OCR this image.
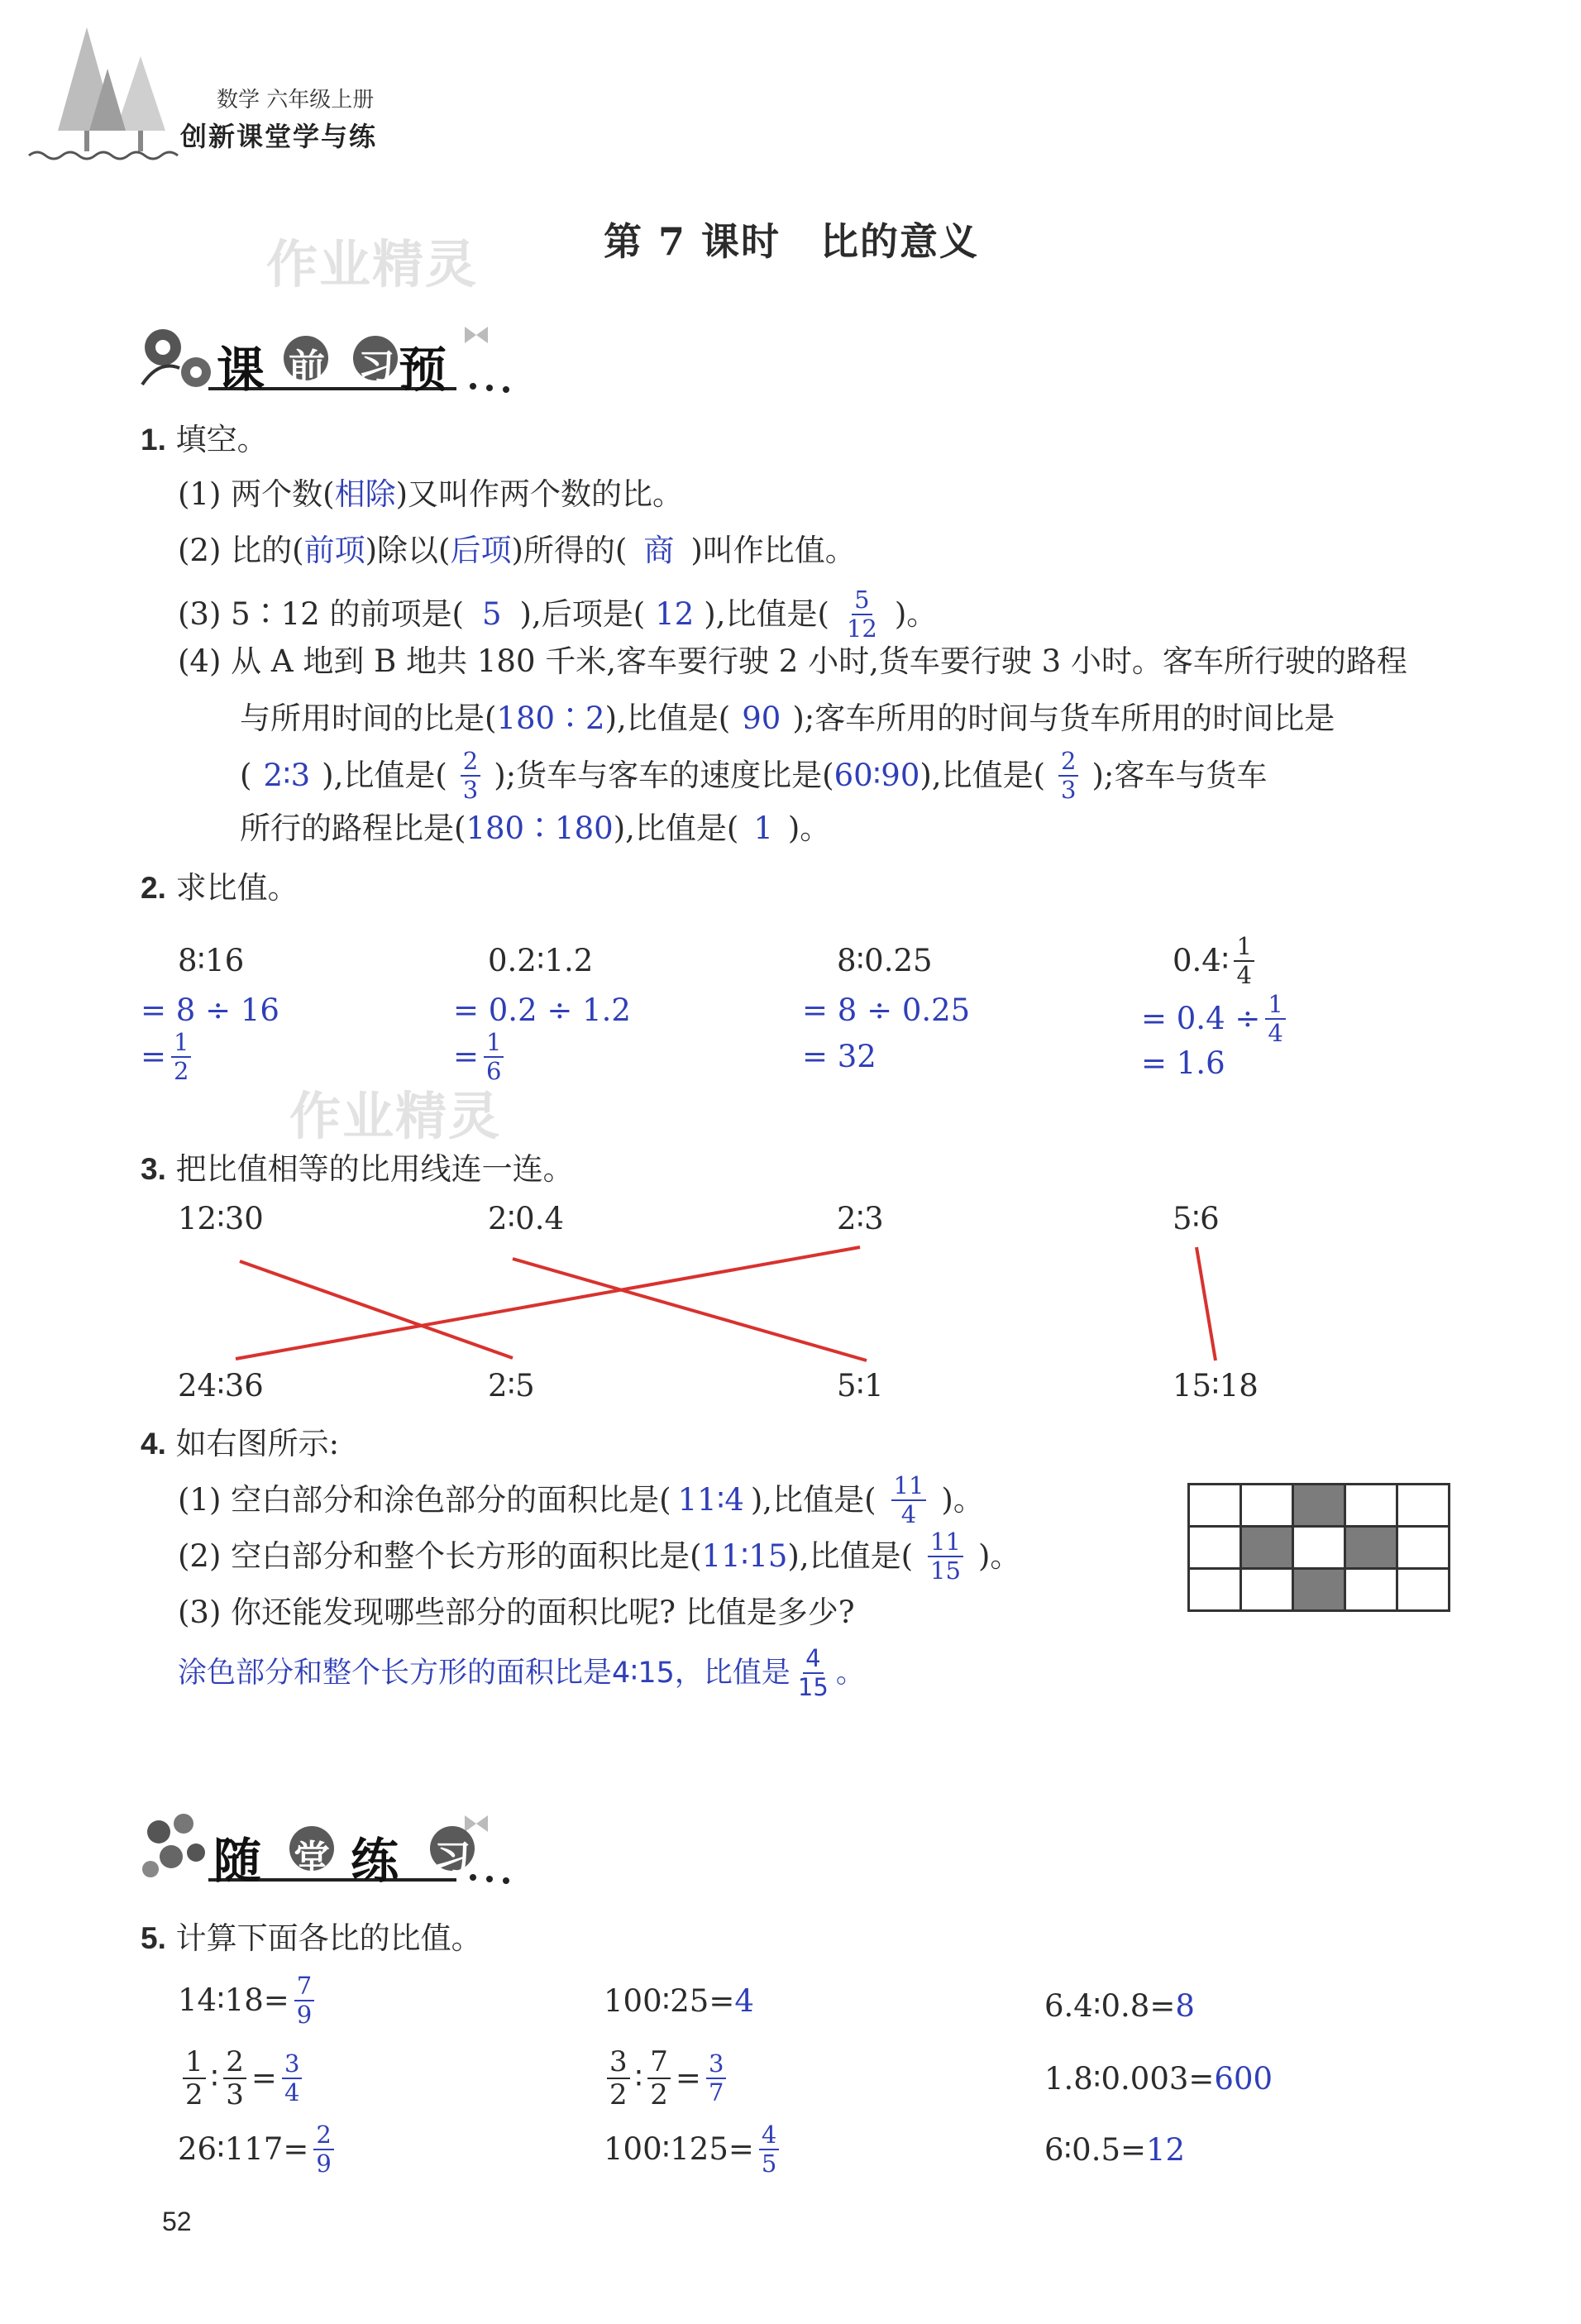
数学 六年级上册
创新课堂学与练
作业精灵	第 7 课时　比的意义
课 前 预
习
1. 填空。
(1) 两个数(相除)又叫作两个数的比。
(2) 比的(前项)除以(后项)所得的( 商 )叫作比值。
(3) 5∶12 的前项是( 5 ),后项是( 12 ),比值是( $\frac{5}{12}$ )。
(4) 从 A 地到 B 地共 180 千米,客车要行驶 2 小时,货车要行驶 3 小时。客车所行驶的路程
与所用时间的比是(180∶2),比值是( 90 );客车所用的时间与货车所用的时间比是
( 2∶3 ),比值是( $\frac{2}{3}$ );货车与客车的速度比是( 60∶90 ),比值是( $\frac{2}{3}$ );客车与货车
所行的路程比是(180∶180),比值是( 1 )。
2. 求比值。
8∶16
= 8 ÷ 16
= $\frac{1}{2}$
0.2∶1.2
= 0.2 ÷ 1.2
= $\frac{1}{6}$
8∶0.25
= 8 ÷ 0.25
= 32
0.4∶ $\frac{1}{4}$
= $0.4 \div \frac{1}{4}$
= 1.6
作业精灵
3. 把比值相等的比用线连一连。
12∶30	2∶0.4	2∶3	5∶6
24∶36	2∶5	5∶1	15∶18
4. 如右图所示:
(1) 空白部分和涂色部分的面积比是( 11∶4 ),比值是( $\frac{11}{4}$ )。
(2) 空白部分和整个长方形的面积比是( 11∶15 ),比值是( $\frac{11}{15}$ )。
(3) 你还能发现哪些部分的面积比呢? 比值是多少?
涂色部分和整个长方形的面积比是4∶15，比值是 $\frac{4}{15}$ 。

随 堂 练 习
5. 计算下面各比的比值。
14∶18= $\frac{7}{9}$	100∶25=4	6.4∶0.8=8
$\frac{1}{2}$ ∶ $\frac{2}{3} = \frac{3}{4}$	$\frac{3}{2}$ ∶ $\frac{7}{2} = \frac{3}{7}$	1.8∶0.003=600
26∶117= $\frac{2}{9}$	100∶125= $\frac{4}{5}$	6∶0.5=12
52
